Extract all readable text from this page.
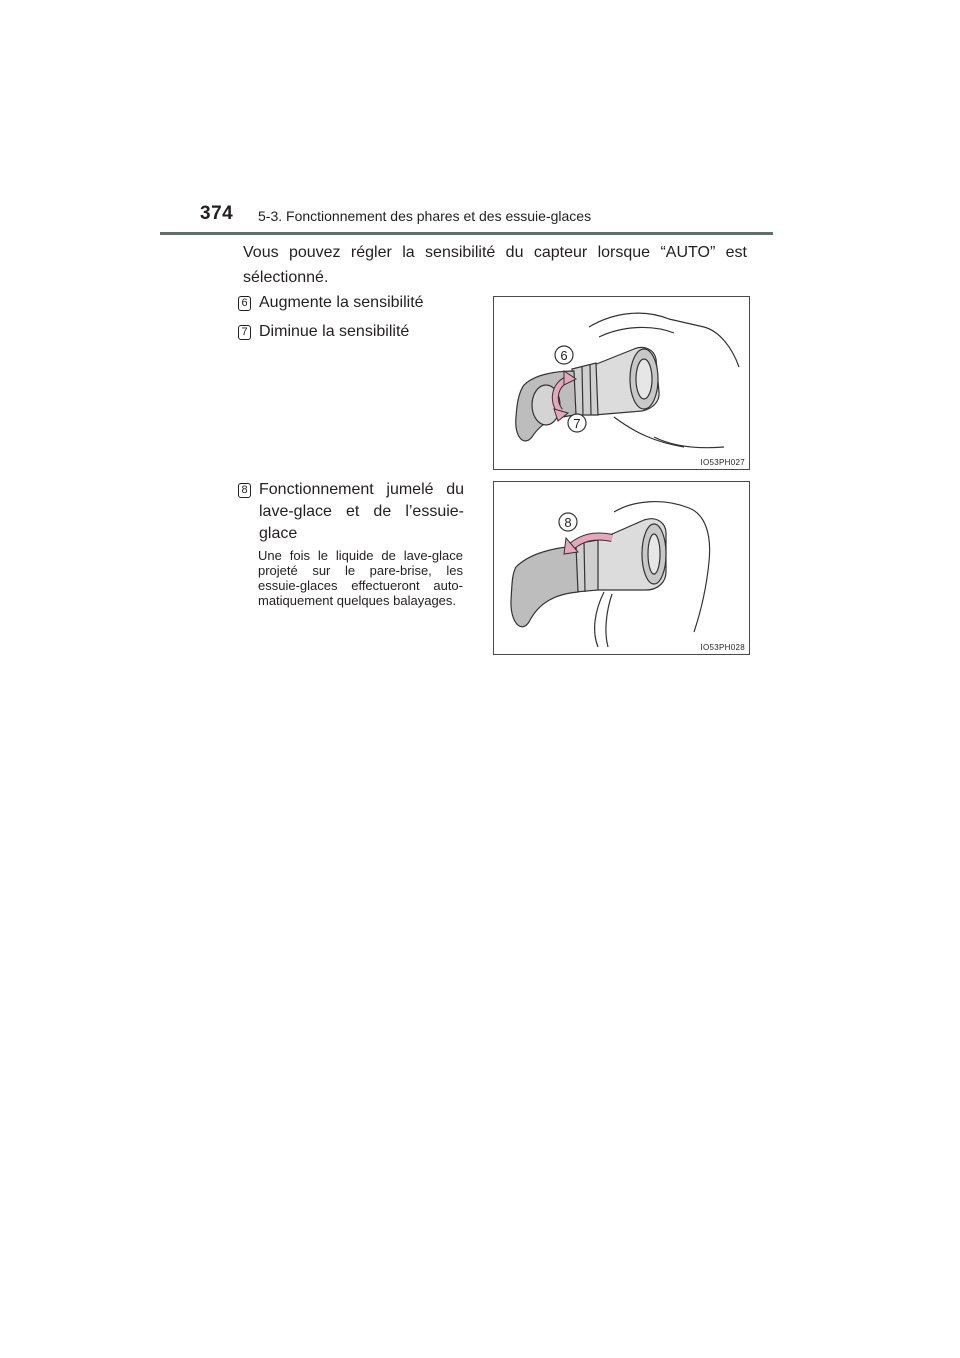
374 5-3. Fonctionnement des phares et des essuie-glaces

Vous pouvez régler la sensibilité du capteur lorsque “AUTO” est sélectionné.

6 Augmente la sensibilité
7 Diminue la sensibilité
8 Fonctionnement jumelé du lave-glace et de l’essuie-glace

Une fois le liquide de lave-glace projeté sur le pare-brise, les essuie-glaces effectueront auto-matiquement quelques balayages.

6
7
IO53PH027
8
IO53PH028
